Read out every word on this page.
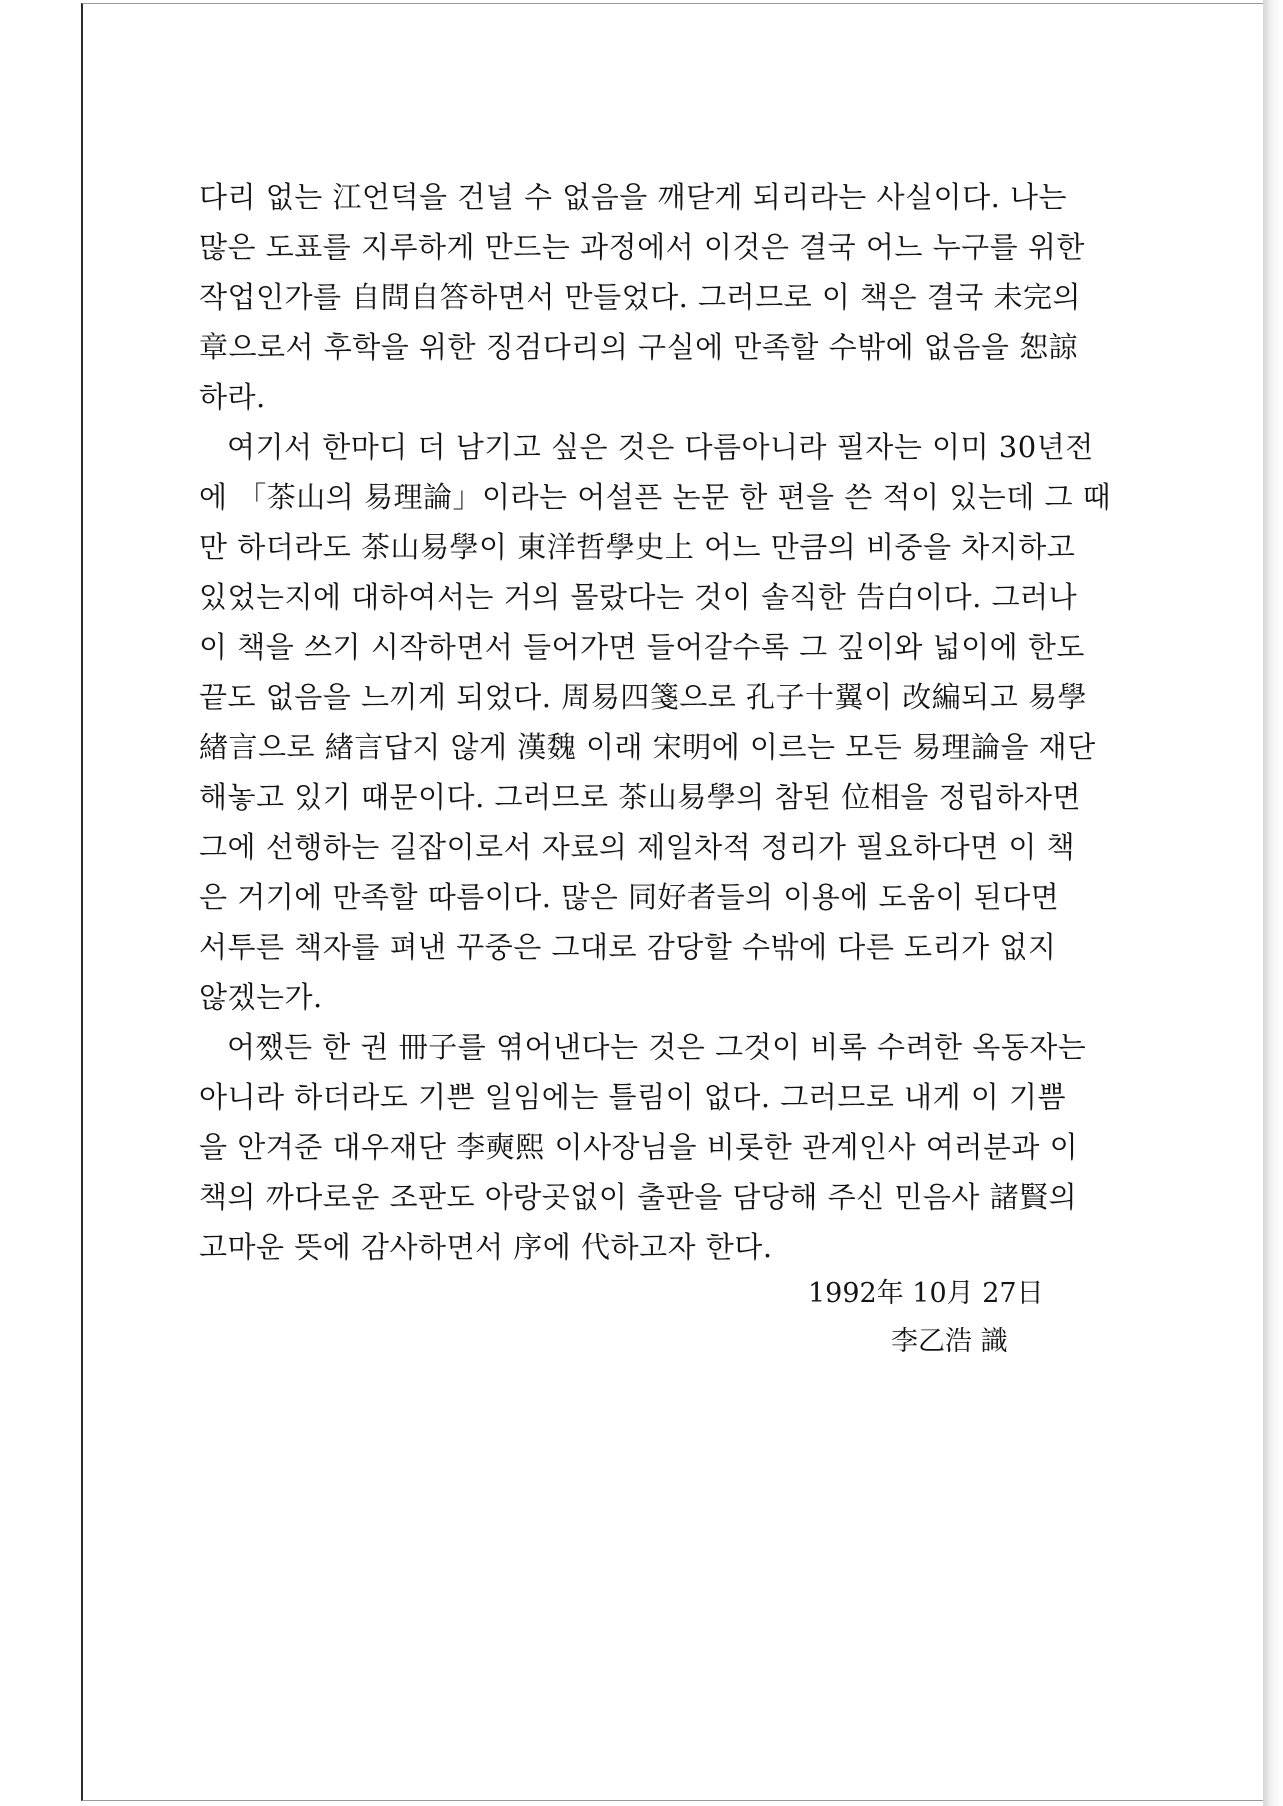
다리 없는 江언덕을 건널 수 없음을 깨닫게 되리라는 사실이다. 나는
많은 도표를 지루하게 만드는 과정에서 이것은 결국 어느 누구를 위한
작업인가를 自問自答하면서 만들었다. 그러므로 이 책은 결국 未完의
章으로서 후학을 위한 징검다리의 구실에 만족할 수밖에 없음을 恕諒
하라.
여기서 한마디 더 남기고 싶은 것은 다름아니라 필자는 이미 30년전
에 「茶山의 易理論」이라는 어설픈 논문 한 편을 쓴 적이 있는데 그 때
만 하더라도 茶山易學이 東洋哲學史上 어느 만큼의 비중을 차지하고
있었는지에 대하여서는 거의 몰랐다는 것이 솔직한 告白이다. 그러나
이 책을 쓰기 시작하면서 들어가면 들어갈수록 그 깊이와 넓이에 한도
끝도 없음을 느끼게 되었다. 周易四箋으로 孔子十翼이 改編되고 易學
緖言으로 緖言답지 않게 漢魏 이래 宋明에 이르는 모든 易理論을 재단
해놓고 있기 때문이다. 그러므로 茶山易學의 참된 位相을 정립하자면
그에 선행하는 길잡이로서 자료의 제일차적 정리가 필요하다면 이 책
은 거기에 만족할 따름이다. 많은 同好者들의 이용에 도움이 된다면
서투른 책자를 펴낸 꾸중은 그대로 감당할 수밖에 다른 도리가 없지
않겠는가.
어쨌든 한 권 冊子를 엮어낸다는 것은 그것이 비록 수려한 옥동자는
아니라 하더라도 기쁜 일임에는 틀림이 없다. 그러므로 내게 이 기쁨
을 안겨준 대우재단 李奭熙 이사장님을 비롯한 관계인사 여러분과 이
책의 까다로운 조판도 아랑곳없이 출판을 담당해 주신 민음사 諸賢의
고마운 뜻에 감사하면서 序에 代하고자 한다.
1992年 10月 27日
李乙浩 識
